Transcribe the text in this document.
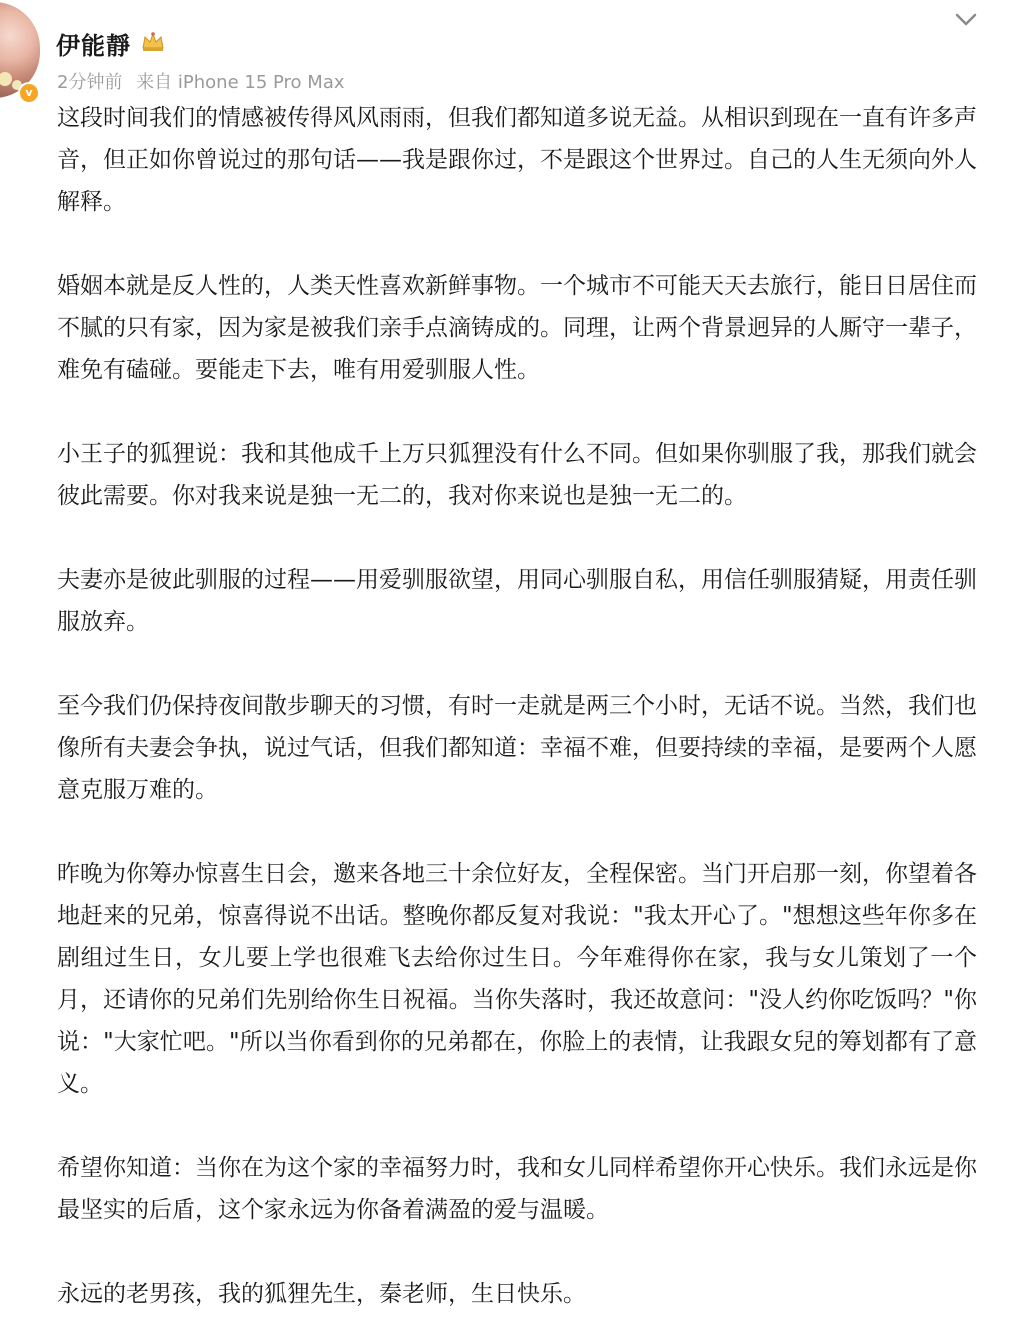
v
伊能靜
2分钟前 来自 iPhone 15 Pro Max

这段时间我们的情感被传得风风雨雨，但我们都知道多说无益。从相识到现在一直有许多声音，但正如你曾说过的那句话——我是跟你过，不是跟这个世界过。自己的人生无须向外人解释。

婚姻本就是反人性的，人类天性喜欢新鲜事物。一个城市不可能天天去旅行，能日日居住而不腻的只有家，因为家是被我们亲手点滴铸成的。同理，让两个背景迥异的人厮守一辈子，难免有磕碰。要能走下去，唯有用爱驯服人性。

小王子的狐狸说：我和其他成千上万只狐狸没有什么不同。但如果你驯服了我，那我们就会彼此需要。你对我来说是独一无二的，我对你来说也是独一无二的。

夫妻亦是彼此驯服的过程——用爱驯服欲望，用同心驯服自私，用信任驯服猜疑，用责任驯服放弃。

至今我们仍保持夜间散步聊天的习惯，有时一走就是两三个小时，无话不说。当然，我们也像所有夫妻会争执，说过气话，但我们都知道：幸福不难，但要持续的幸福，是要两个人愿意克服万难的。

昨晚为你筹办惊喜生日会，邀来各地三十余位好友，全程保密。当门开启那一刻，你望着各地赶来的兄弟，惊喜得说不出话。整晚你都反复对我说："我太开心了。"想想这些年你多在剧组过生日，女儿要上学也很难飞去给你过生日。今年难得你在家，我与女儿策划了一个月，还请你的兄弟们先别给你生日祝福。当你失落时，我还故意问："没人约你吃饭吗？"你说："大家忙吧。"所以当你看到你的兄弟都在，你脸上的表情，让我跟女兒的筹划都有了意义。

希望你知道：当你在为这个家的幸福努力时，我和女儿同样希望你开心快乐。我们永远是你最坚实的后盾，这个家永远为你备着满盈的爱与温暖。

永远的老男孩，我的狐狸先生，秦老师，生日快乐。
